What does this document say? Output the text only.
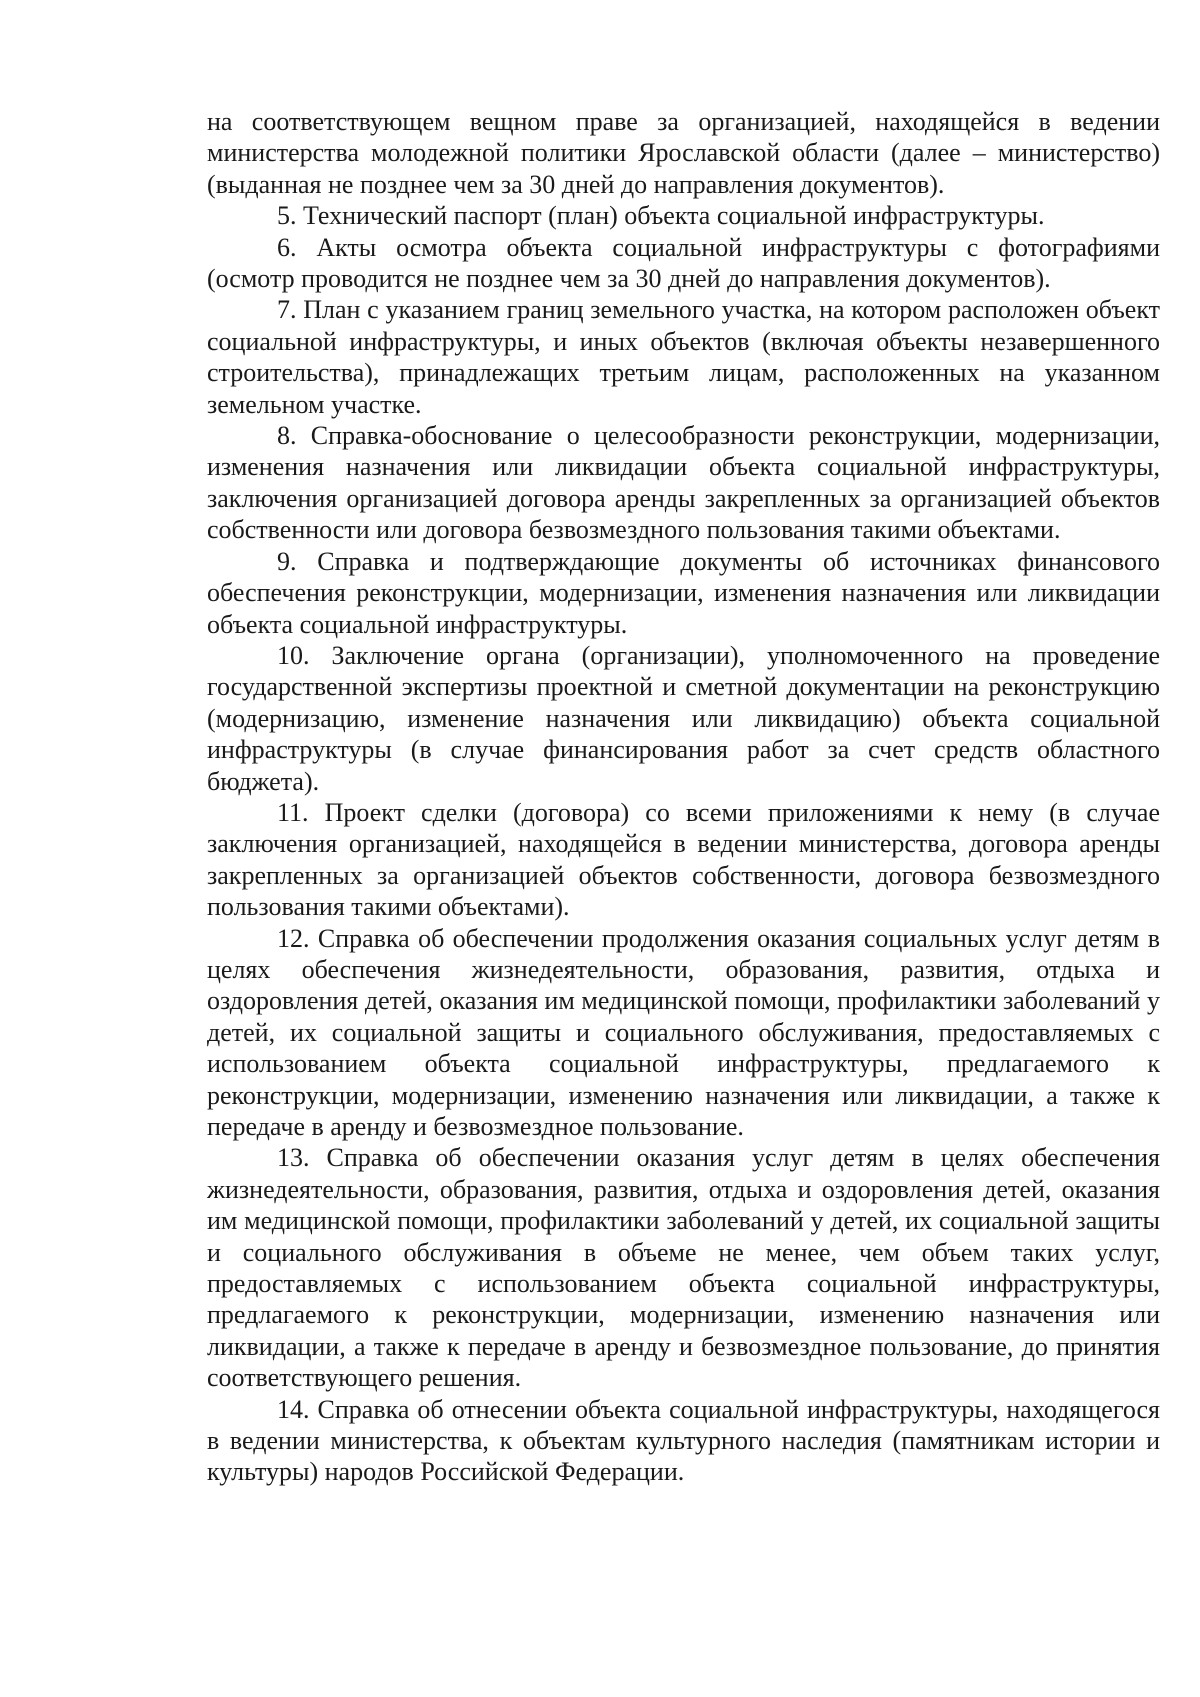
на соответствующем вещном праве за организацией, находящейся в ведении министерства молодежной политики Ярославской области (далее – министерство) (выданная не позднее чем за 30 дней до направления документов).

5. Технический паспорт (план) объекта социальной инфраструктуры.

6. Акты осмотра объекта социальной инфраструктуры с фотографиями (осмотр проводится не позднее чем за 30 дней до направления документов).

7. План с указанием границ земельного участка, на котором расположен объект социальной инфраструктуры, и иных объектов (включая объекты незавершенного строительства), принадлежащих третьим лицам, расположенных на указанном земельном участке.

8. Справка-обоснование о целесообразности реконструкции, модернизации, изменения назначения или ликвидации объекта социальной инфраструктуры, заключения организацией договора аренды закрепленных за организацией объектов собственности или договора безвозмездного пользования такими объектами.

9. Справка и подтверждающие документы об источниках финансового обеспечения реконструкции, модернизации, изменения назначения или ликвидации объекта социальной инфраструктуры.

10. Заключение органа (организации), уполномоченного на проведение государственной экспертизы проектной и сметной документации на реконструкцию (модернизацию, изменение назначения или ликвидацию) объекта социальной инфраструктуры (в случае финансирования работ за счет средств областного бюджета).

11. Проект сделки (договора) со всеми приложениями к нему (в случае заключения организацией, находящейся в ведении министерства, договора аренды закрепленных за организацией объектов собственности, договора безвозмездного пользования такими объектами).

12. Справка об обеспечении продолжения оказания социальных услуг детям в целях обеспечения жизнедеятельности, образования, развития, отдыха и оздоровления детей, оказания им медицинской помощи, профилактики заболеваний у детей, их социальной защиты и социального обслуживания, предоставляемых с использованием объекта социальной инфраструктуры, предлагаемого к реконструкции, модернизации, изменению назначения или ликвидации, а также к передаче в аренду и безвозмездное пользование.

13. Справка об обеспечении оказания услуг детям в целях обеспечения жизнедеятельности, образования, развития, отдыха и оздоровления детей, оказания им медицинской помощи, профилактики заболеваний у детей, их социальной защиты и социального обслуживания в объеме не менее, чем объем таких услуг, предоставляемых с использованием объекта социальной инфраструктуры, предлагаемого к реконструкции, модернизации, изменению назначения или ликвидации, а также к передаче в аренду и безвозмездное пользование, до принятия соответствующего решения.

14. Справка об отнесении объекта социальной инфраструктуры, находящегося в ведении министерства, к объектам культурного наследия (памятникам истории и культуры) народов Российской Федерации.
